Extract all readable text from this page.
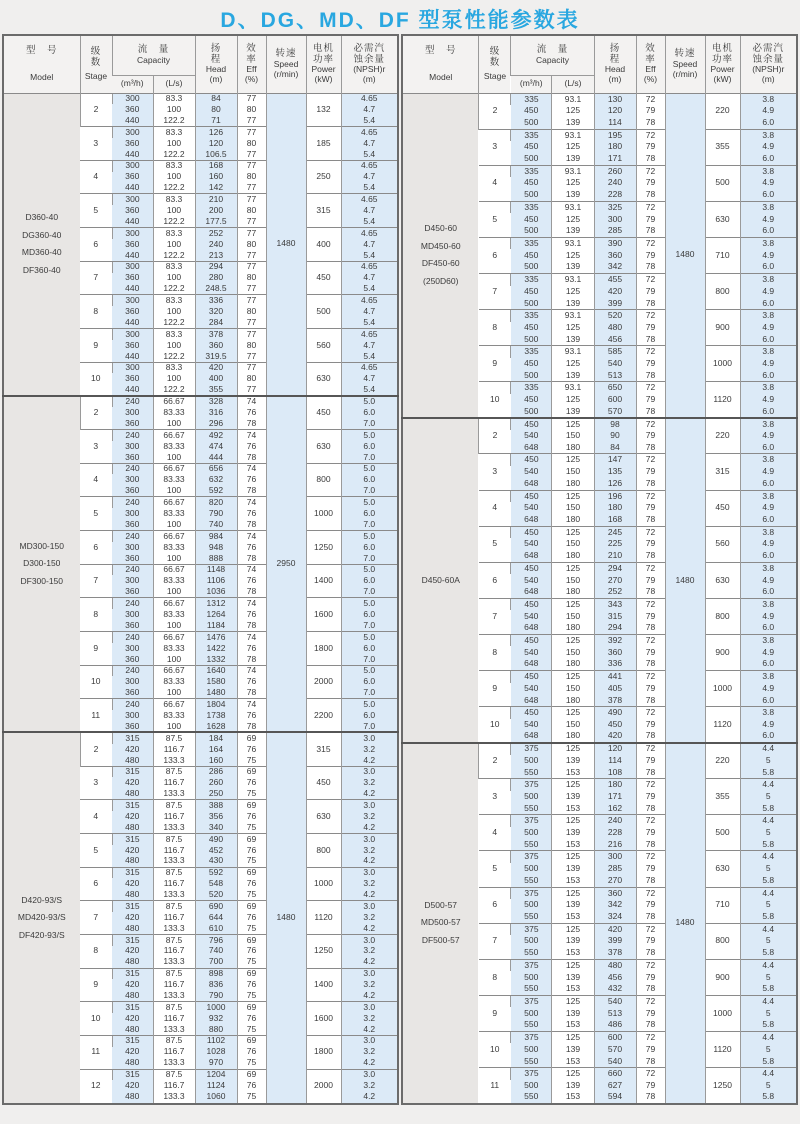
D、DG、MD、DF 型泵性能参数表
型　号
Model

级
数
Stage

流　量
Capacity

扬
程
Head
(m)

效
率
Eff
(%)

转速
Speed
(r/min)

电机
功率
Power
(kW)

必需汽
蚀余量
(NPSH)r
(m)

		(m³/h)	(L/s)					

D360-40
DG360-40
MD360-40
DF360-40	2	300	83.3	84	77	1480	132	4.65
		360	100	80	80			4.7
		440	122.2	71	77			5.4
	3	300	83.3	126	77		185	4.65
		360	100	120	80			4.7
		440	122.2	106.5	77			5.4
	4	300	83.3	168	77		250	4.65
		360	100	160	80			4.7
		440	122.2	142	77			5.4
	5	300	83.3	210	77		315	4.65
		360	100	200	80			4.7
		440	122.2	177.5	77			5.4
	6	300	83.3	252	77		400	4.65
		360	100	240	80			4.7
		440	122.2	213	77			5.4
	7	300	83.3	294	77		450	4.65
		360	100	280	80			4.7
		440	122.2	248.5	77			5.4
	8	300	83.3	336	77		500	4.65
		360	100	320	80			4.7
		440	122.2	284	77			5.4
	9	300	83.3	378	77		560	4.65
		360	100	360	80			4.7
		440	122.2	319.5	77			5.4
	10	300	83.3	420	77		630	4.65
		360	100	400	80			4.7
		440	122.2	355	77			5.4

MD300-150
D300-150
DF300-150	2	240	66.67	328	74	2950	450	5.0
		300	83.33	316	76			6.0
		360	100	296	78			7.0
	3	240	66.67	492	74		630	5.0
		300	83.33	474	76			6.0
		360	100	444	78			7.0
	4	240	66.67	656	74		800	5.0
		300	83.33	632	76			6.0
		360	100	592	78			7.0
	5	240	66.67	820	74		1000	5.0
		300	83.33	790	76			6.0
		360	100	740	78			7.0
	6	240	66.67	984	74		1250	5.0
		300	83.33	948	76			6.0
		360	100	888	78			7.0
	7	240	66.67	1148	74		1400	5.0
		300	83.33	1106	76			6.0
		360	100	1036	78			7.0
	8	240	66.67	1312	74		1600	5.0
		300	83.33	1264	76			6.0
		360	100	1184	78			7.0
	9	240	66.67	1476	74		1800	5.0
		300	83.33	1422	76			6.0
		360	100	1332	78			7.0
	10	240	66.67	1640	74		2000	5.0
		300	83.33	1580	76			6.0
		360	100	1480	78			7.0
	11	240	66.67	1804	74		2200	5.0
		300	83.33	1738	76			6.0
		360	100	1628	78			7.0

D420-93/S
MD420-93/S
DF420-93/S	2	315	87.5	184	69	1480	315	3.0
		420	116.7	164	76			3.2
		480	133.3	160	75			4.2
	3	315	87.5	286	69		450	3.0
		420	116.7	260	76			3.2
		480	133.3	250	75			4.2
	4	315	87.5	388	69		630	3.0
		420	116.7	356	76			3.2
		480	133.3	340	75			4.2
	5	315	87.5	490	69		800	3.0
		420	116.7	452	76			3.2
		480	133.3	430	75			4.2
	6	315	87.5	592	69		1000	3.0
		420	116.7	548	76			3.2
		480	133.3	520	75			4.2
	7	315	87.5	690	69		1120	3.0
		420	116.7	644	76			3.2
		480	133.3	610	75			4.2
	8	315	87.5	796	69		1250	3.0
		420	116.7	740	76			3.2
		480	133.3	700	75			4.2
	9	315	87.5	898	69		1400	3.0
		420	116.7	836	76			3.2
		480	133.3	790	75			4.2
	10	315	87.5	1000	69		1600	3.0
		420	116.7	932	76			3.2
		480	133.3	880	75			4.2
	11	315	87.5	1102	69		1800	3.0
		420	116.7	1028	76			3.2
		480	133.3	970	75			4.2
	12	315	87.5	1204	69		2000	3.0
		420	116.7	1124	76			3.2
		480	133.3	1060	75			4.2
型　号
Model

级
数
Stage

流　量
Capacity

扬
程
Head
(m)

效
率
Eff
(%)

转速
Speed
(r/min)

电机
功率
Power
(kW)

必需汽
蚀余量
(NPSH)r
(m)

		(m³/h)	(L/s)					

D450-60
MD450-60
DF450-60
(250D60)	2	335	93.1	130	72	1480	220	3.8
		450	125	120	79			4.9
		500	139	114	78			6.0
	3	335	93.1	195	72		355	3.8
		450	125	180	79			4.9
		500	139	171	78			6.0
	4	335	93.1	260	72		500	3.8
		450	125	240	79			4.9
		500	139	228	78			6.0
	5	335	93.1	325	72		630	3.8
		450	125	300	79			4.9
		500	139	285	78			6.0
	6	335	93.1	390	72		710	3.8
		450	125	360	79			4.9
		500	139	342	78			6.0
	7	335	93.1	455	72		800	3.8
		450	125	420	79			4.9
		500	139	399	78			6.0
	8	335	93.1	520	72		900	3.8
		450	125	480	79			4.9
		500	139	456	78			6.0
	9	335	93.1	585	72		1000	3.8
		450	125	540	79			4.9
		500	139	513	78			6.0
	10	335	93.1	650	72		1120	3.8
		450	125	600	79			4.9
		500	139	570	78			6.0

D450-60A	2	450	125	98	72	1480	220	3.8
		540	150	90	79			4.9
		648	180	84	78			6.0
	3	450	125	147	72		315	3.8
		540	150	135	79			4.9
		648	180	126	78			6.0
	4	450	125	196	72		450	3.8
		540	150	180	79			4.9
		648	180	168	78			6.0
	5	450	125	245	72		560	3.8
		540	150	225	79			4.9
		648	180	210	78			6.0
	6	450	125	294	72		630	3.8
		540	150	270	79			4.9
		648	180	252	78			6.0
	7	450	125	343	72		800	3.8
		540	150	315	79			4.9
		648	180	294	78			6.0
	8	450	125	392	72		900	3.8
		540	150	360	79			4.9
		648	180	336	78			6.0
	9	450	125	441	72		1000	3.8
		540	150	405	79			4.9
		648	180	378	78			6.0
	10	450	125	490	72		1120	3.8
		540	150	450	79			4.9
		648	180	420	78			6.0

D500-57
MD500-57
DF500-57	2	375	125	120	72	1480	220	4.4
		500	139	114	79			5
		550	153	108	78			5.8
	3	375	125	180	72		355	4.4
		500	139	171	79			5
		550	153	162	78			5.8
	4	375	125	240	72		500	4.4
		500	139	228	79			5
		550	153	216	78			5.8
	5	375	125	300	72		630	4.4
		500	139	285	79			5
		550	153	270	78			5.8
	6	375	125	360	72		710	4.4
		500	139	342	79			5
		550	153	324	78			5.8
	7	375	125	420	72		800	4.4
		500	139	399	79			5
		550	153	378	78			5.8
	8	375	125	480	72		900	4.4
		500	139	456	79			5
		550	153	432	78			5.8
	9	375	125	540	72		1000	4.4
		500	139	513	79			5
		550	153	486	78			5.8
	10	375	125	600	72		1120	4.4
		500	139	570	79			5
		550	153	540	78			5.8
	11	375	125	660	72		1250	4.4
		500	139	627	79			5
		550	153	594	78			5.8
